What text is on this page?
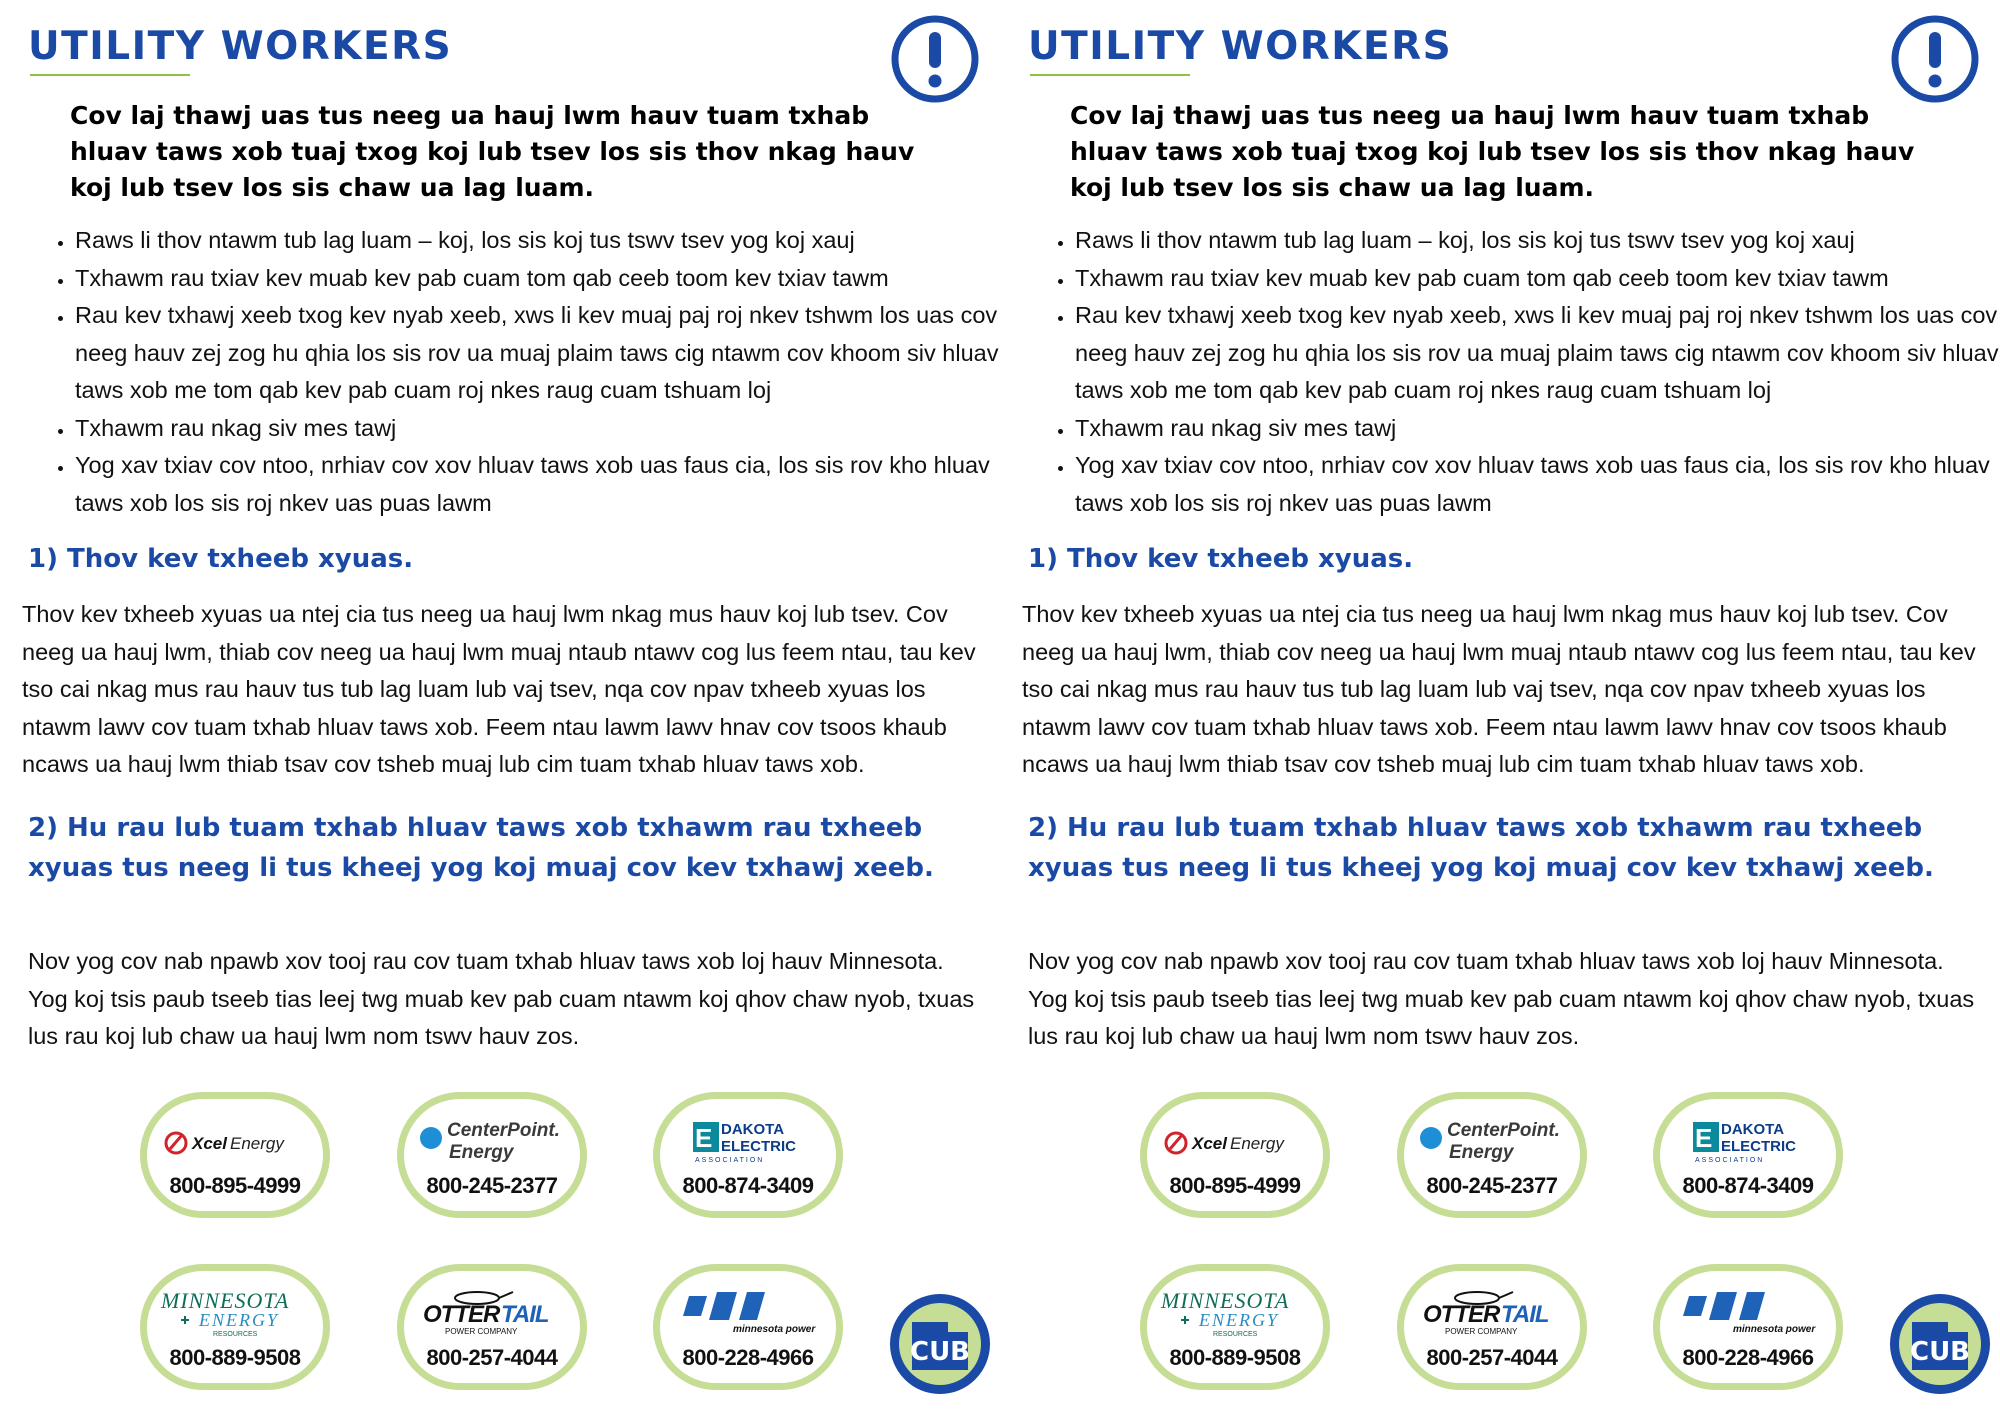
UTILITY WORKERS

Cov laj thawj uas tus neeg ua hauj lwm hauv tuam txhab hluav taws xob tuaj txog koj lub tsev los sis thov nkag hauv koj lub tsev los sis chaw ua lag luam.

• Raws li thov ntawm tub lag luam – koj, los sis koj tus tswv tsev yog koj xauj
• Txhawm rau txiav kev muab kev pab cuam tom qab ceeb toom kev txiav tawm
• Rau kev txhawj xeeb txog kev nyab xeeb, xws li kev muaj paj roj nkev tshwm los uas cov neeg hauv zej zog hu qhia los sis rov ua muaj plaim taws cig ntawm cov khoom siv hluav taws xob me tom qab kev pab cuam roj nkes raug cuam tshuam loj
• Txhawm rau nkag siv mes tawj
• Yog xav txiav cov ntoo, nrhiav cov xov hluav taws xob uas faus cia, los sis rov kho hluav taws xob los sis roj nkev uas puas lawm
1) Thov kev txheeb xyuas.

Thov kev txheeb xyuas ua ntej cia tus neeg ua hauj lwm nkag mus hauv koj lub tsev. Cov neeg ua hauj lwm, thiab cov neeg ua hauj lwm muaj ntaub ntawv cog lus feem ntau, tau kev tso cai nkag mus rau hauv tus tub lag luam lub vaj tsev, nqa cov npav txheeb xyuas los ntawm lawv cov tuam txhab hluav taws xob. Feem ntau lawm lawv hnav cov tsoos khaub ncaws ua hauj lwm thiab tsav cov tsheb muaj lub cim tuam txhab hluav taws xob.

2) Hu rau lub tuam txhab hluav taws xob txhawm rau txheeb xyuas tus neeg li tus kheej yog koj muaj cov kev txhawj xeeb.

Nov yog cov nab npawb xov tooj rau cov tuam txhab hluav taws xob loj hauv Minnesota. Yog koj tsis paub tseeb tias leej twg muab kev pab cuam ntawm koj qhov chaw nyob, txuas lus rau koj lub chaw ua hauj lwm nom tswv hauv zos.

Xcel Energy
800-895-4999
CenterPoint.
Energy
800-245-2377
E DAKOTA
ELECTRIC
ASSOCIATION
800-874-3409
MINNESOTA
ENERGY
RESOURCES
800-889-9508
OTTER TAIL
POWER COMPANY
800-257-4044
minnesota power
800-228-4966	CUB
UTILITY WORKERS

Cov laj thawj uas tus neeg ua hauj lwm hauv tuam txhab hluav taws xob tuaj txog koj lub tsev los sis thov nkag hauv koj lub tsev los sis chaw ua lag luam.

• Raws li thov ntawm tub lag luam – koj, los sis koj tus tswv tsev yog koj xauj
• Txhawm rau txiav kev muab kev pab cuam tom qab ceeb toom kev txiav tawm
• Rau kev txhawj xeeb txog kev nyab xeeb, xws li kev muaj paj roj nkev tshwm los uas cov neeg hauv zej zog hu qhia los sis rov ua muaj plaim taws cig ntawm cov khoom siv hluav taws xob me tom qab kev pab cuam roj nkes raug cuam tshuam loj
• Txhawm rau nkag siv mes tawj
• Yog xav txiav cov ntoo, nrhiav cov xov hluav taws xob uas faus cia, los sis rov kho hluav taws xob los sis roj nkev uas puas lawm
1) Thov kev txheeb xyuas.

Thov kev txheeb xyuas ua ntej cia tus neeg ua hauj lwm nkag mus hauv koj lub tsev. Cov neeg ua hauj lwm, thiab cov neeg ua hauj lwm muaj ntaub ntawv cog lus feem ntau, tau kev tso cai nkag mus rau hauv tus tub lag luam lub vaj tsev, nqa cov npav txheeb xyuas los ntawm lawv cov tuam txhab hluav taws xob. Feem ntau lawm lawv hnav cov tsoos khaub ncaws ua hauj lwm thiab tsav cov tsheb muaj lub cim tuam txhab hluav taws xob.

2) Hu rau lub tuam txhab hluav taws xob txhawm rau txheeb xyuas tus neeg li tus kheej yog koj muaj cov kev txhawj xeeb.

Nov yog cov nab npawb xov tooj rau cov tuam txhab hluav taws xob loj hauv Minnesota. Yog koj tsis paub tseeb tias leej twg muab kev pab cuam ntawm koj qhov chaw nyob, txuas lus rau koj lub chaw ua hauj lwm nom tswv hauv zos.

Xcel Energy
800-895-4999
CenterPoint.
Energy
800-245-2377
E DAKOTA
ELECTRIC
ASSOCIATION
800-874-3409
MINNESOTA
ENERGY
RESOURCES
800-889-9508
OTTER TAIL
POWER COMPANY
800-257-4044
minnesota power
800-228-4966	CUB
